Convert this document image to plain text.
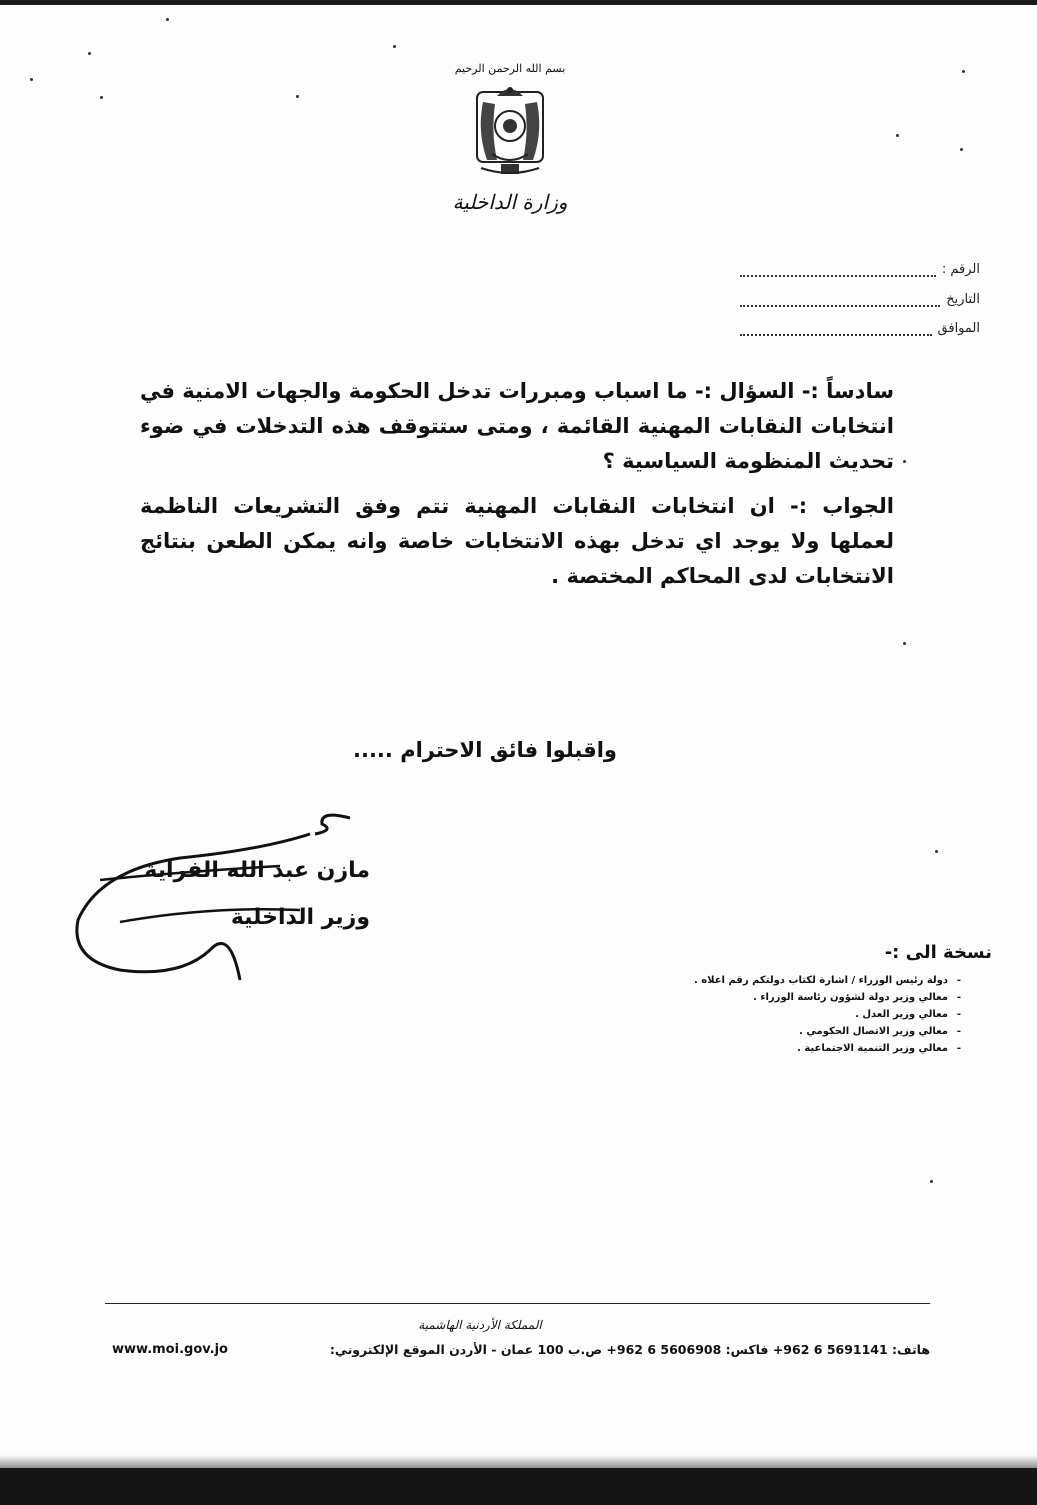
بسم الله الرحمن الرحيم
وزارة الداخلية
الرقم :
التاريخ
الموافق

سادساً :- السؤال :- ما اسباب ومبررات تدخل الحكومة والجهات الامنية في انتخابات النقابات المهنية القائمة ، ومتى ستتوقف هذه التدخلات في ضوء تحديث المنظومة السياسية ؟

الجواب :- ان انتخابات النقابات المهنية تتم وفق التشريعات الناظمة لعملها ولا يوجد اي تدخل بهذه الانتخابات خاصة وانه يمكن الطعن بنتائج الانتخابات لدى المحاكم المختصة .

واقبلوا فائق الاحترام .....
مازن عبد الله الفراية
وزير الداخلية
نسخة الى :-
- دولة رئيس الوزراء / اشارة لكتاب دولتكم رقم اعلاه .
- معالي وزير دولة لشؤون رئاسة الوزراء .
- معالي وزير العدل .
- معالي وزير الاتصال الحكومي .
- معالي وزير التنمية الاجتماعية .
المملكة الأردنية الهاشمية
هاتف: 5691141 6 962+ فاكس: 5606908 6 962+ ص.ب 100 عمان - الأردن الموقع الإلكتروني:
www.moi.gov.jo
